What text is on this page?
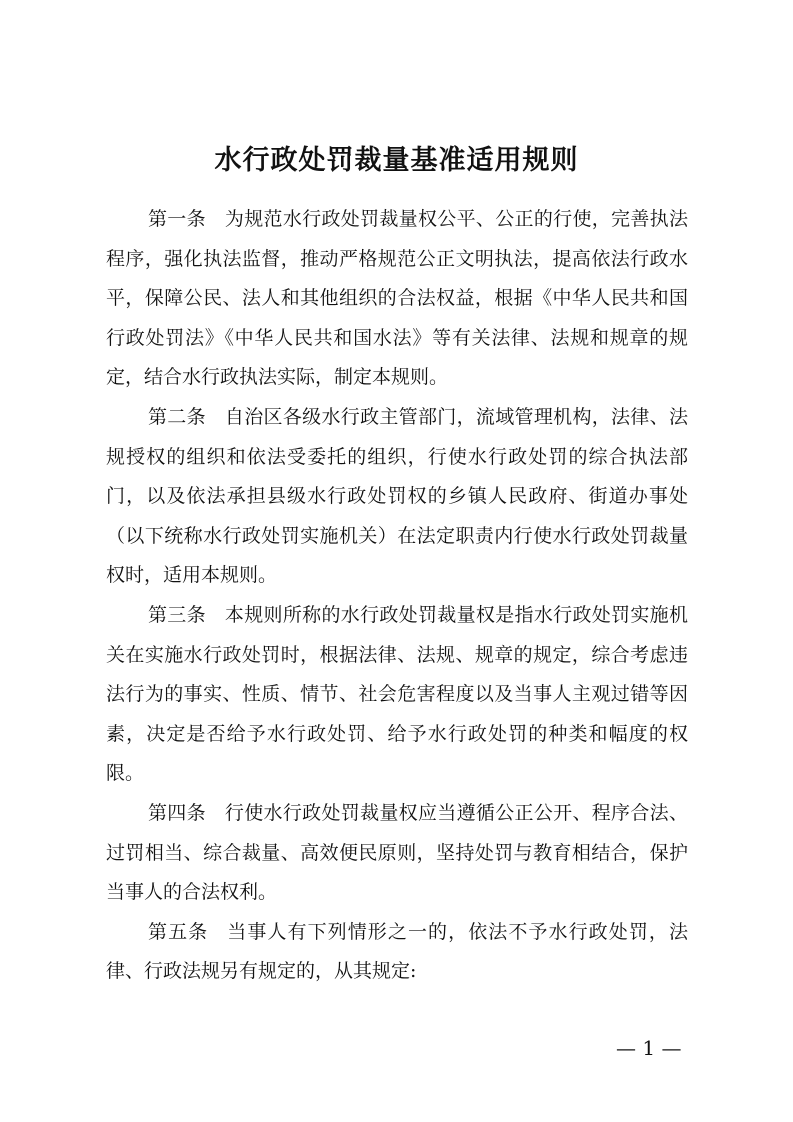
水行政处罚裁量基准适用规则

第一条 为规范水行政处罚裁量权公平、公正的行使，完善执法程序，强化执法监督，推动严格规范公正文明执法，提高依法行政水平，保障公民、法人和其他组织的合法权益，根据《中华人民共和国行政处罚法》《中华人民共和国水法》等有关法律、法规和规章的规定，结合水行政执法实际，制定本规则。

第二条 自治区各级水行政主管部门，流域管理机构，法律、法规授权的组织和依法受委托的组织，行使水行政处罚的综合执法部门，以及依法承担县级水行政处罚权的乡镇人民政府、街道办事处（以下统称水行政处罚实施机关）在法定职责内行使水行政处罚裁量权时，适用本规则。

第三条 本规则所称的水行政处罚裁量权是指水行政处罚实施机关在实施水行政处罚时，根据法律、法规、规章的规定，综合考虑违法行为的事实、性质、情节、社会危害程度以及当事人主观过错等因素，决定是否给予水行政处罚、给予水行政处罚的种类和幅度的权限。

第四条 行使水行政处罚裁量权应当遵循公正公开、程序合法、过罚相当、综合裁量、高效便民原则，坚持处罚与教育相结合，保护当事人的合法权利。

第五条 当事人有下列情形之一的，依法不予水行政处罚，法律、行政法规另有规定的，从其规定:

— 1 —
